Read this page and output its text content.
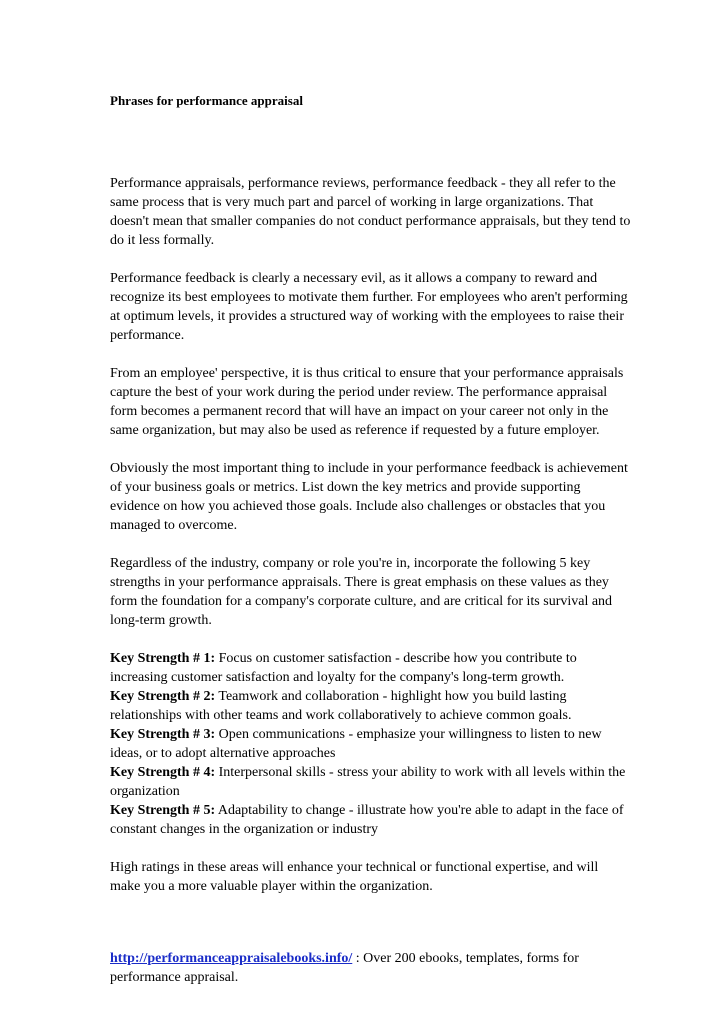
Phrases for performance appraisal

Performance appraisals, performance reviews, performance feedback - they all refer to the same process that is very much part and parcel of working in large organizations. That doesn't mean that smaller companies do not conduct performance appraisals, but they tend to do it less formally.

Performance feedback is clearly a necessary evil, as it allows a company to reward and recognize its best employees to motivate them further. For employees who aren't performing at optimum levels, it provides a structured way of working with the employees to raise their performance.

From an employee' perspective, it is thus critical to ensure that your performance appraisals capture the best of your work during the period under review. The performance appraisal form becomes a permanent record that will have an impact on your career not only in the same organization, but may also be used as reference if requested by a future employer.

Obviously the most important thing to include in your performance feedback is achievement of your business goals or metrics. List down the key metrics and provide supporting evidence on how you achieved those goals. Include also challenges or obstacles that you managed to overcome.

Regardless of the industry, company or role you're in, incorporate the following 5 key strengths in your performance appraisals. There is great emphasis on these values as they form the foundation for a company's corporate culture, and are critical for its survival and long-term growth.

Key Strength # 1: Focus on customer satisfaction - describe how you contribute to increasing customer satisfaction and loyalty for the company's long-term growth.
Key Strength # 2: Teamwork and collaboration - highlight how you build lasting relationships with other teams and work collaboratively to achieve common goals.
Key Strength # 3: Open communications - emphasize your willingness to listen to new ideas, or to adopt alternative approaches
Key Strength # 4: Interpersonal skills - stress your ability to work with all levels within the organization
Key Strength # 5: Adaptability to change - illustrate how you're able to adapt in the face of constant changes in the organization or industry

High ratings in these areas will enhance your technical or functional expertise, and will make you a more valuable player within the organization.

http://performanceappraisalebooks.info/ : Over 200 ebooks, templates, forms for performance appraisal.
